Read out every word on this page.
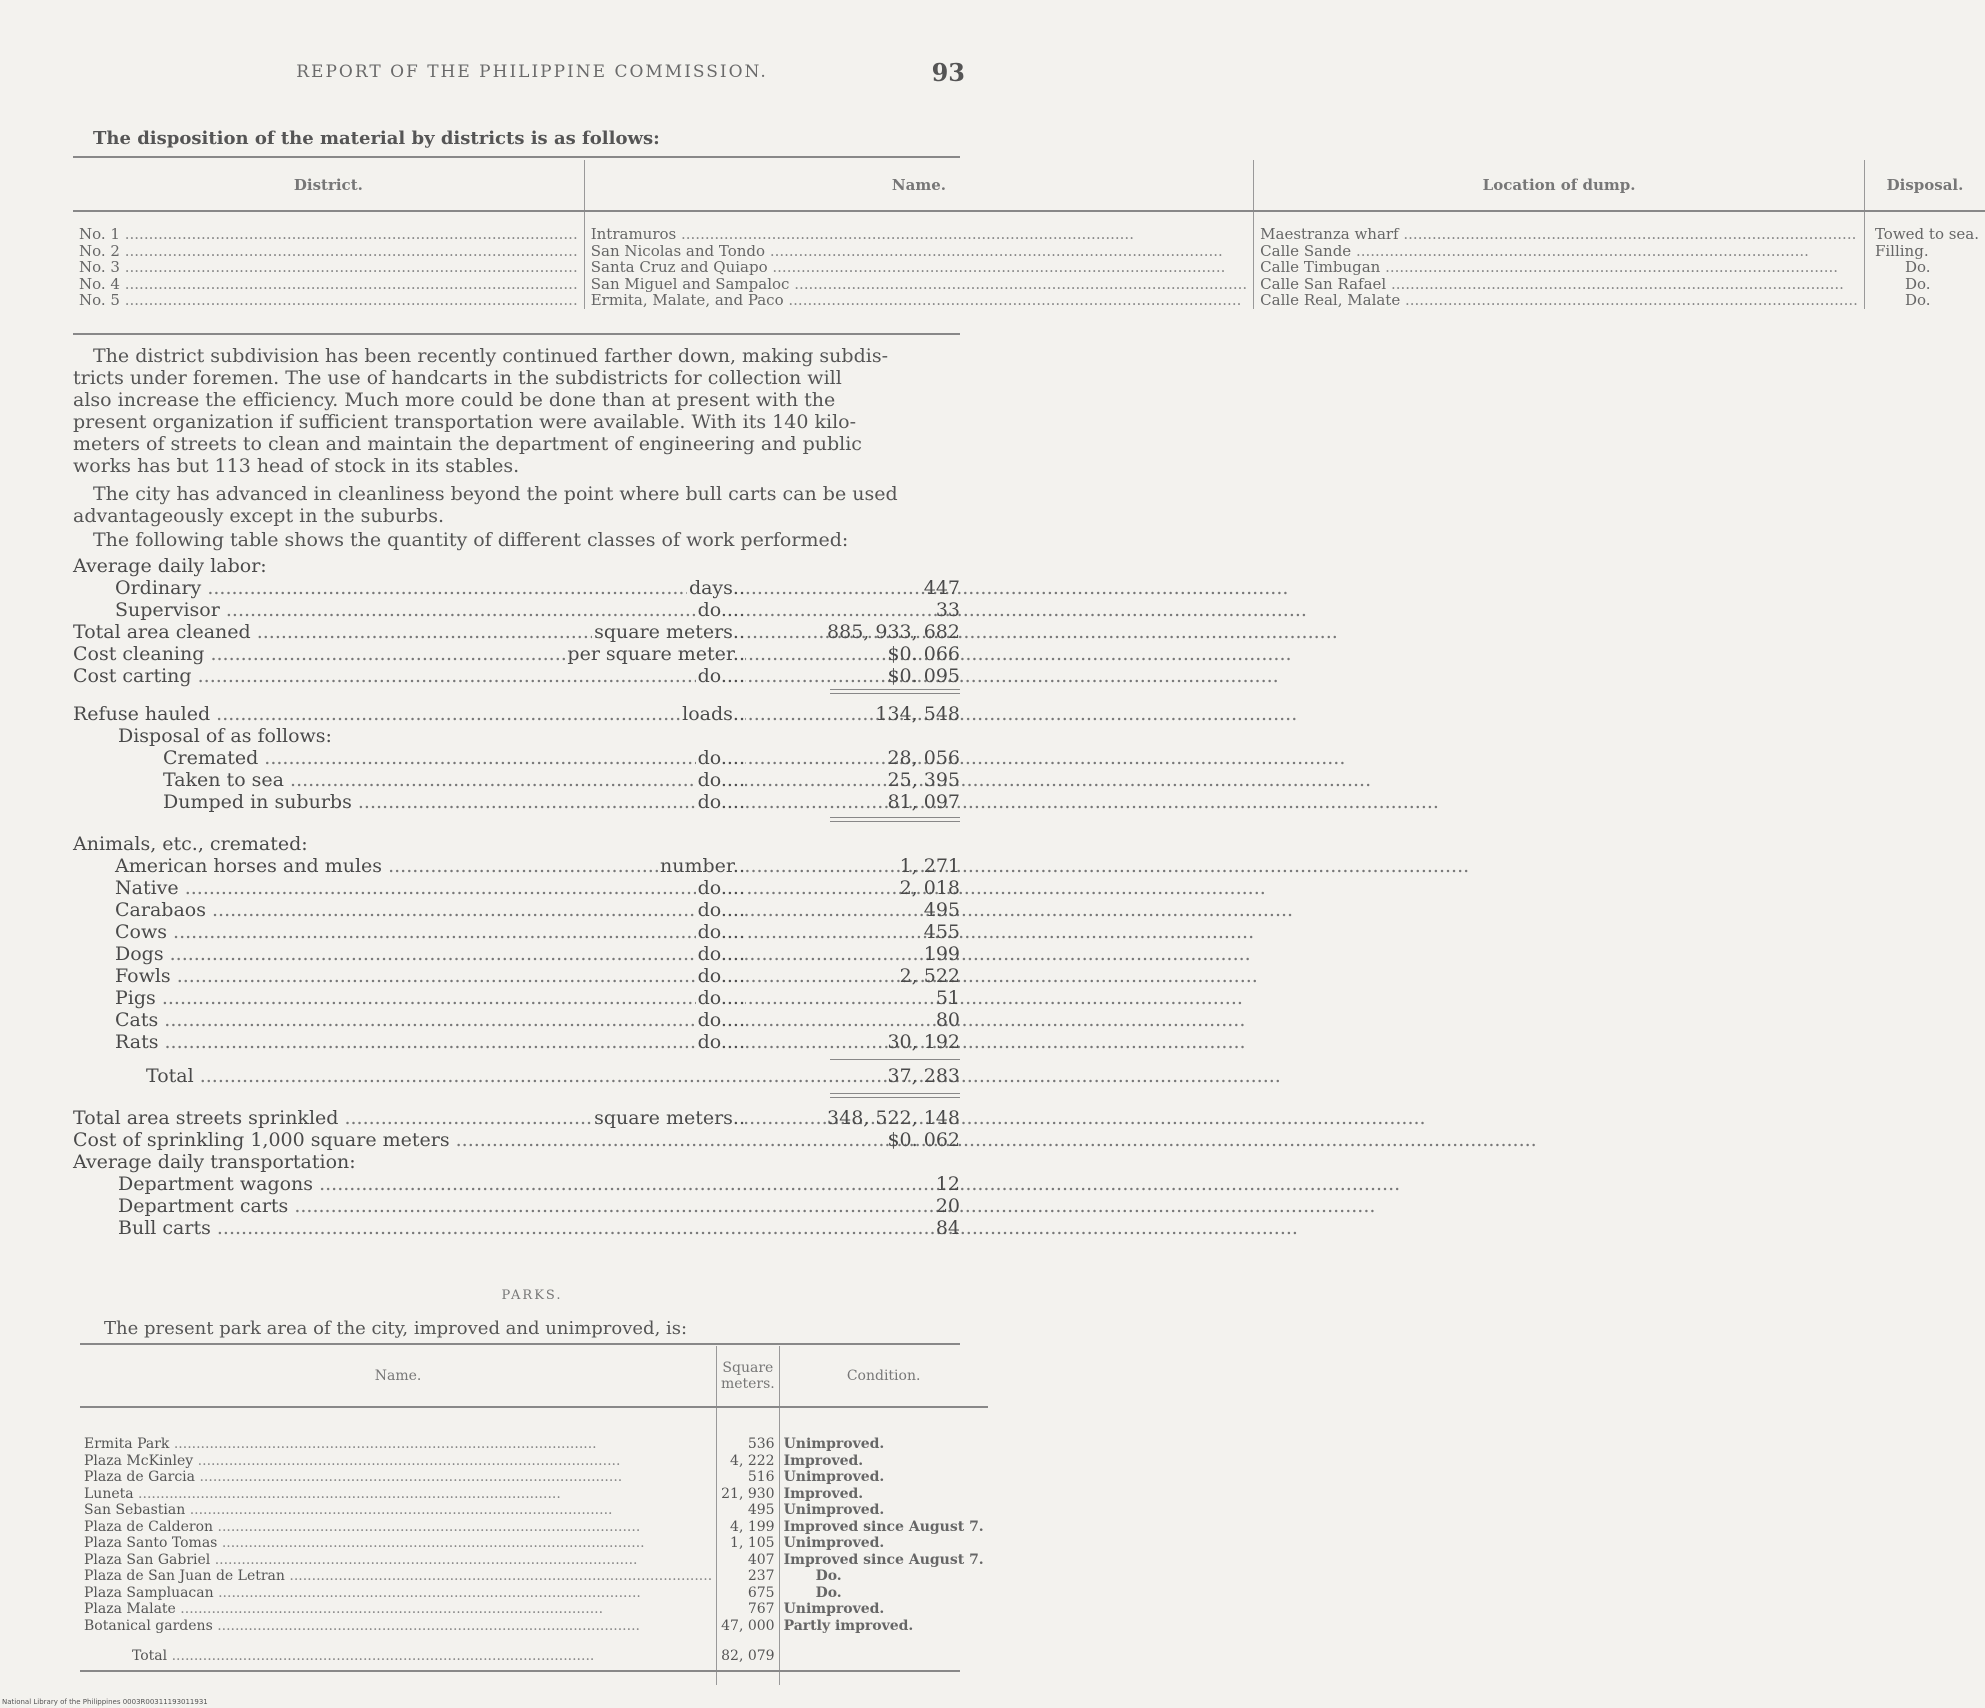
REPORT OF THE PHILIPPINE COMMISSION.	93
The disposition of the material by districts is as follows:
District.	Name.	Location of dump.	Disposal.

No. 1 .....	Intramuros .....	Maestranza wharf .....	Towed to sea.

No. 2 .....	San Nicolas and Tondo .....	Calle Sande .....	Filling.

No. 3 .....	Santa Cruz and Quiapo .....	Calle Timbugan .....	Do.

No. 4 .....	San Miguel and Sampaloc .....	Calle San Rafael .....	Do.

No. 5 .....	Ermita, Malate, and Paco .....	Calle Real, Malate .....	Do.
The district subdivision has been recently continued farther down, making subdis-
tricts under foremen. The use of handcarts in the subdistricts for collection will
also increase the efficiency. Much more could be done than at present with the
present organization if sufficient transportation were available. With its 140 kilo-
meters of streets to clean and maintain the department of engineering and public
works has but 113 head of stock in its stables.
The city has advanced in cleanliness beyond the point where bull carts can be used
advantageously except in the suburbs.
The following table shows the quantity of different classes of work performed:
Average daily labor:
Ordinary .....	days..	447
Supervisor .....	do....	33
Total area cleaned .....	square meters..	885, 933, 682
Cost cleaning .....	per square meter..	$0. 066
Cost carting .....	do....	$0. 095
Refuse hauled .....	loads..	134, 548
Disposal of as follows:
Cremated .....	do....	28, 056
Taken to sea .....	do....	25, 395
Dumped in suburbs .....	do....	81, 097
Animals, etc., cremated:
American horses and mules .....	number..	1, 271
Native .....	do....	2, 018
Carabaos .....	do....	495
Cows .....	do....	455
Dogs .....	do....	199
Fowls .....	do....	2, 522
Pigs .....	do....	51
Cats .....	do....	80
Rats .....	do....	30, 192
Total .....	37, 283
Total area streets sprinkled .....	square meters..	348, 522, 148
Cost of sprinkling 1,000 square meters .....	$0. 062
Average daily transportation:
Department wagons .....	12
Department carts .....	20
Bull carts .....	84
PARKS.
The present park area of the city, improved and unimproved, is:
Name.	Square meters.	Condition.

Ermita Park .....	536	Unimproved.

Plaza McKinley .....	4, 222	Improved.

Plaza de Garcia .....	516	Unimproved.

Luneta .....	21, 930	Improved.

San Sebastian .....	495	Unimproved.

Plaza de Calderon .....	4, 199	Improved since August 7.

Plaza Santo Tomas .....	1, 105	Unimproved.

Plaza San Gabriel .....	407	Improved since August 7.

Plaza de San Juan de Letran .....	237	Do.

Plaza Sampluacan .....	675	Do.

Plaza Malate .....	767	Unimproved.

Botanical gardens .....	47, 000	Partly improved.

Total .....	82, 079	

National Library of the Philippines 0003R00311193011931
